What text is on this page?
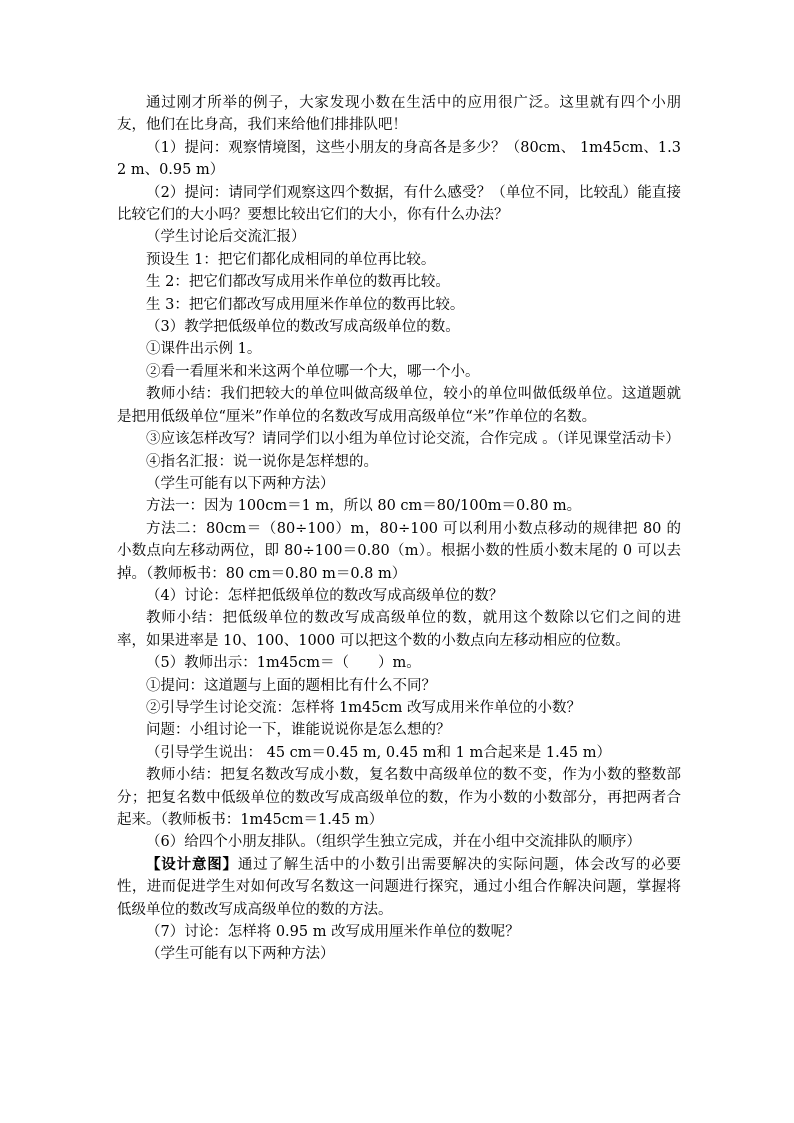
通过刚才所举的例子，大家发现小数在生活中的应用很广泛。这里就有四个小朋友，他们在比身高，我们来给他们排排队吧！

（1）提问：观察情境图，这些小朋友的身高各是多少？（80cm、 1m45cm、1.32 m、0.95 m）

（2）提问：请同学们观察这四个数据，有什么感受？（单位不同，比较乱）能直接比较它们的大小吗？要想比较出它们的大小，你有什么办法？

（学生讨论后交流汇报）

预设生 1：把它们都化成相同的单位再比较。

生 2：把它们都改写成用米作单位的数再比较。

生 3：把它们都改写成用厘米作单位的数再比较。

（3）教学把低级单位的数改写成高级单位的数。

①课件出示例 1。

②看一看厘米和米这两个单位哪一个大，哪一个小。

教师小结：我们把较大的单位叫做高级单位，较小的单位叫做低级单位。这道题就是把用低级单位“厘米”作单位的名数改写成用高级单位“米”作单位的名数。

③应该怎样改写？请同学们以小组为单位讨论交流，合作完成 。（详见课堂活动卡）

④指名汇报：说一说你是怎样想的。

（学生可能有以下两种方法）

方法一：因为 100cm＝1 m，所以 80 cm＝80/100m＝0.80 m。

方法二：80cm＝（80÷100）m，80÷100 可以利用小数点移动的规律把 80 的小数点向左移动两位，即 80÷100＝0.80（m）。根据小数的性质小数末尾的 0 可以去掉。（教师板书：80 cm＝0.80 m＝0.8 m）

（4）讨论：怎样把低级单位的数改写成高级单位的数？

教师小结：把低级单位的数改写成高级单位的数，就用这个数除以它们之间的进率，如果进率是 10、100、1000 可以把这个数的小数点向左移动相应的位数。

（5）教师出示：1m45cm＝（　　）m。

①提问：这道题与上面的题相比有什么不同？

②引导学生讨论交流：怎样将 1m45cm 改写成用米作单位的小数？

问题：小组讨论一下，谁能说说你是怎么想的？

（引导学生说出： 45 cm＝0.45 m, 0.45 m和 1 m合起来是 1.45 m）

教师小结：把复名数改写成小数，复名数中高级单位的数不变，作为小数的整数部分；把复名数中低级单位的数改写成高级单位的数，作为小数的小数部分，再把两者合起来。（教师板书：1m45cm＝1.45 m）

（6）给四个小朋友排队。（组织学生独立完成，并在小组中交流排队的顺序）

【设计意图】通过了解生活中的小数引出需要解决的实际问题，体会改写的必要性，进而促进学生对如何改写名数这一问题进行探究，通过小组合作解决问题，掌握将低级单位的数改写成高级单位的数的方法。

（7）讨论：怎样将 0.95 m 改写成用厘米作单位的数呢？

（学生可能有以下两种方法）
